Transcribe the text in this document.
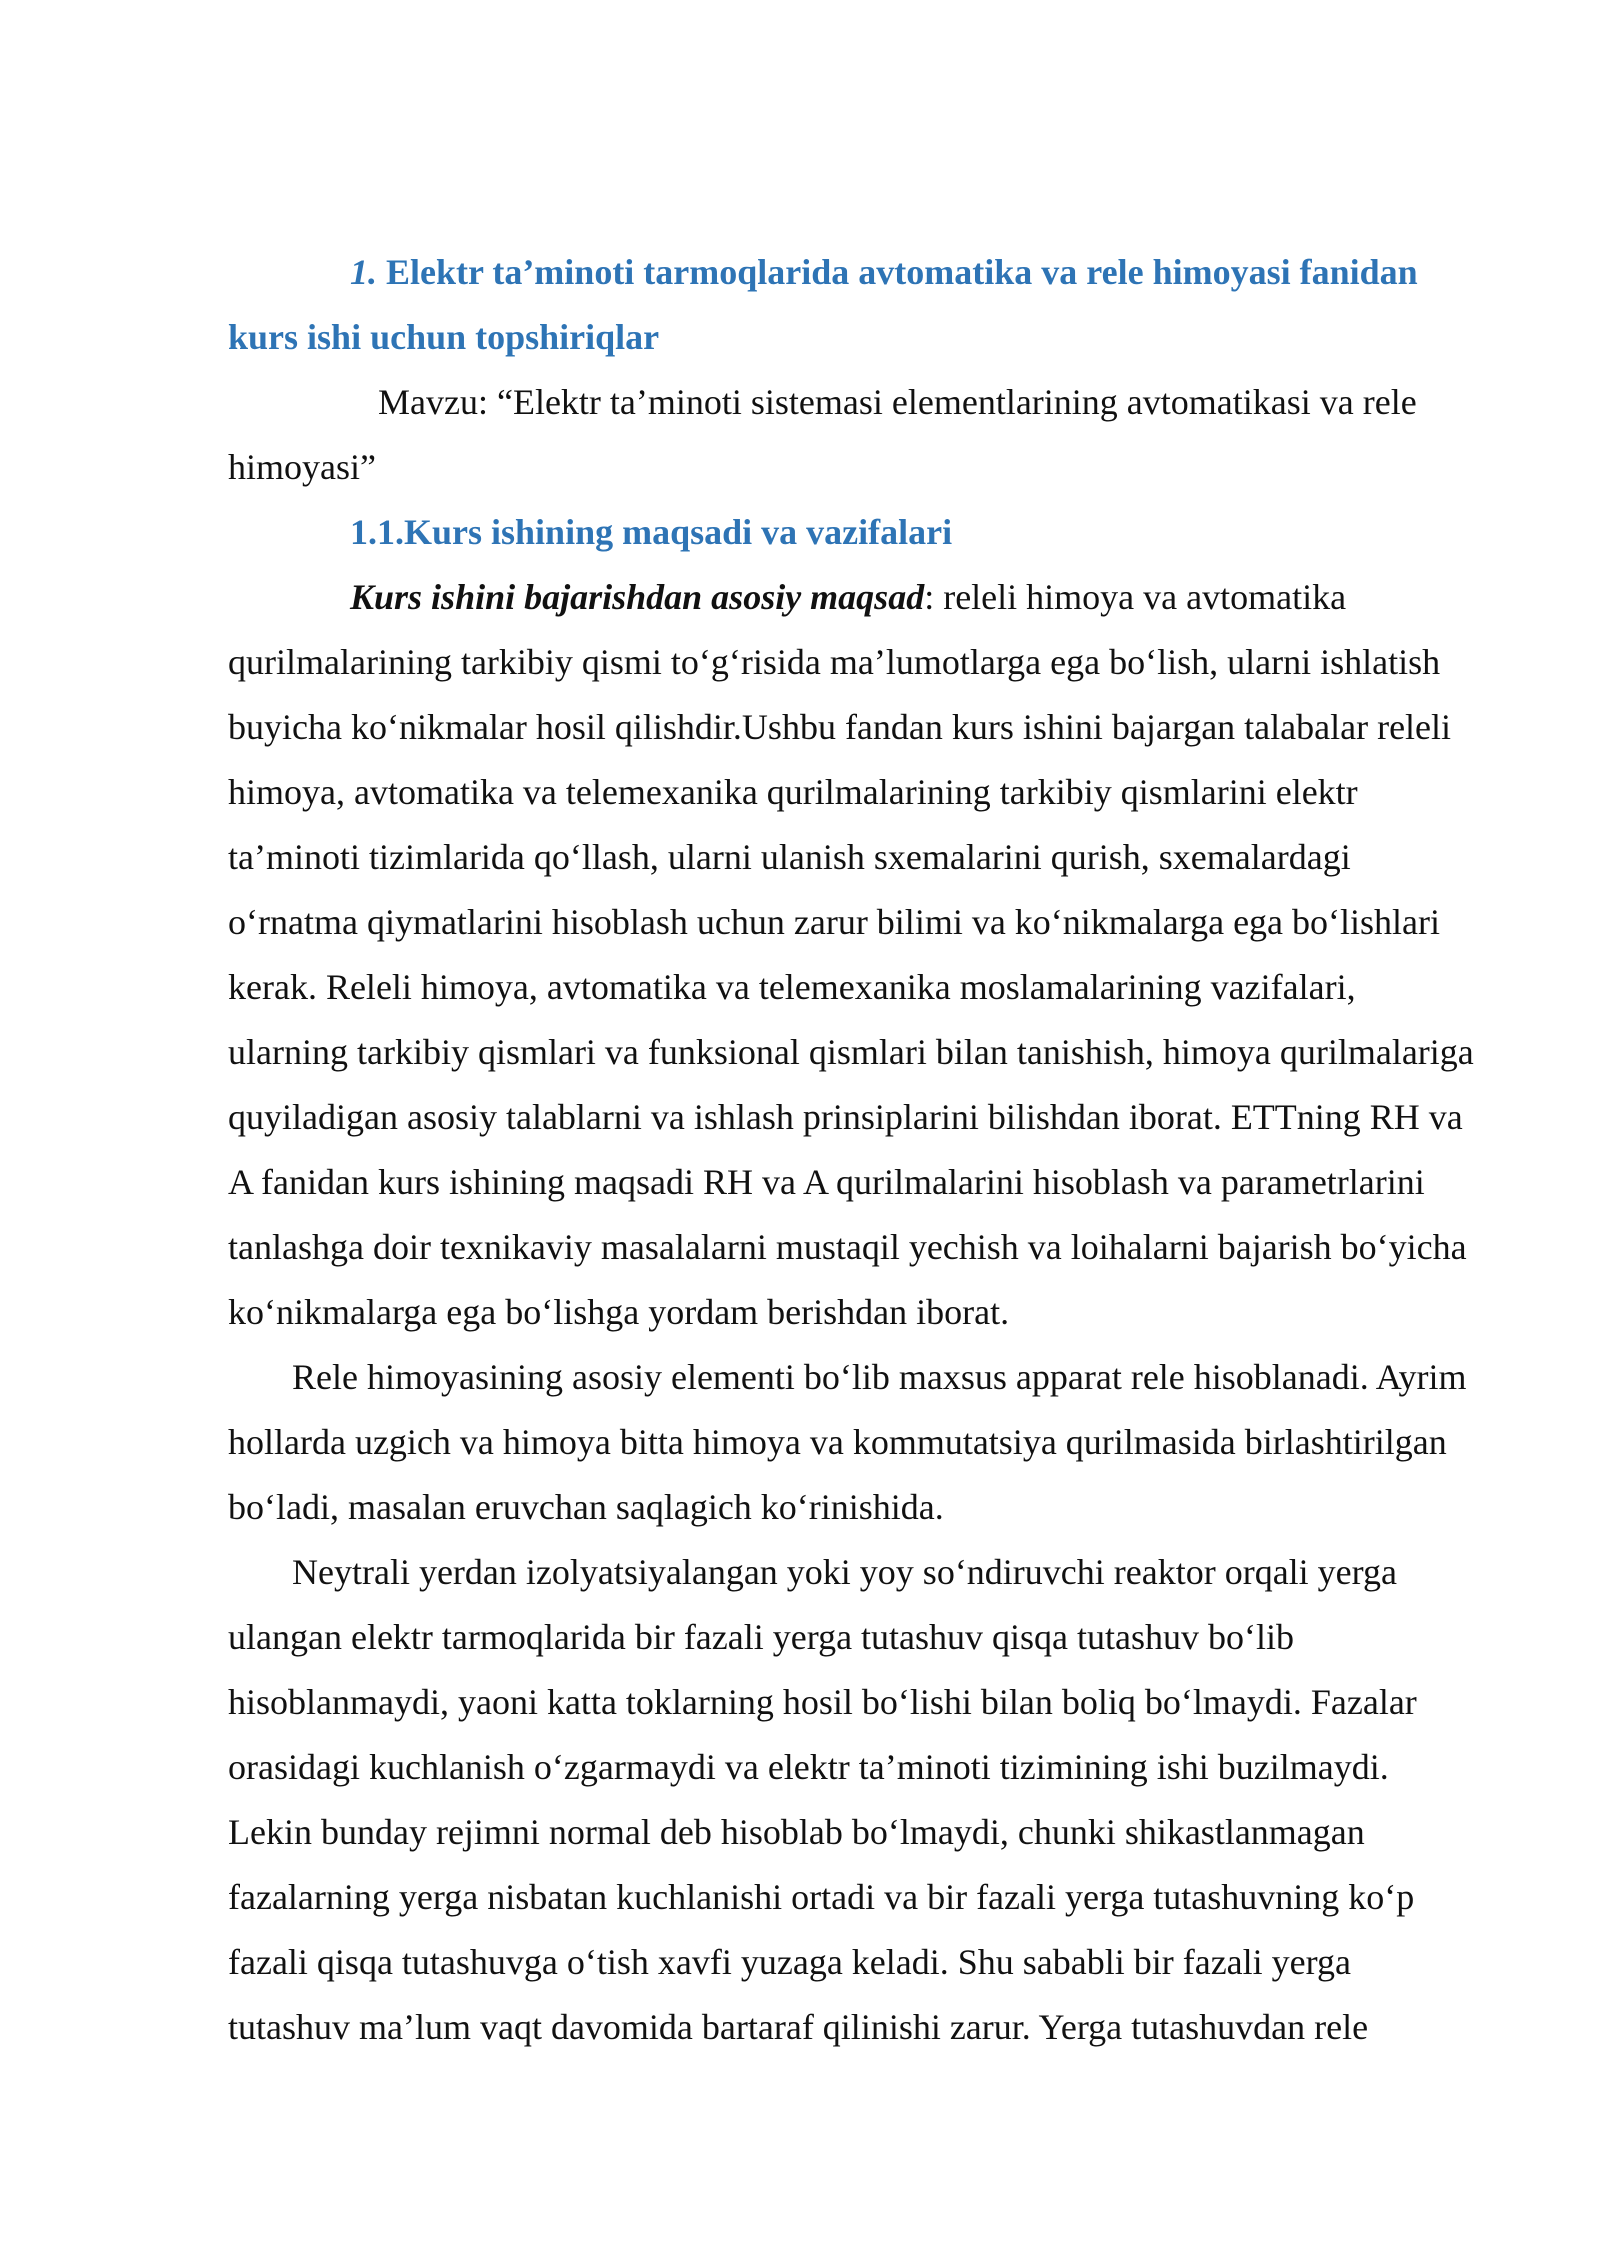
1. Elektr ta’minoti tarmoqlarida avtomatika va rele himoyasi fanidan kurs ishi uchun topshiriqlar

Mavzu: “Elektr ta’minoti sistemasi elementlarining avtomatikasi va rele himoyasi”

1.1.Kurs ishining maqsadi va vazifalari

Kurs ishini bajarishdan asosiy maqsad: releli himoya va avtomatika qurilmalarining tarkibiy qismi to‘g‘risida ma’lumotlarga ega bo‘lish, ularni ishlatish buyicha ko‘nikmalar hosil qilishdir.Ushbu fandan kurs ishini bajargan talabalar releli himoya, avtomatika va telemexanika qurilmalarining tarkibiy qismlarini elektr ta’minoti tizimlarida qo‘llash, ularni ulanish sxemalarini qurish, sxemalardagi o‘rnatma qiymatlarini hisoblash uchun zarur bilimi va ko‘nikmalarga ega bo‘lishlari kerak. Releli himoya, avtomatika va telemexanika moslamalarining vazifalari, ularning tarkibiy qismlari va funksional qismlari bilan tanishish, himoya qurilmalariga quyiladigan asosiy talablarni va ishlash prinsiplarini bilishdan iborat. ETTning RH va A fanidan kurs ishining maqsadi RH va A qurilmalarini hisoblash va parametrlarini tanlashga doir texnikaviy masalalarni mustaqil yechish va loihalarni bajarish bo‘yicha ko‘nikmalarga ega bo‘lishga yordam berishdan iborat.

Rele himoyasining asosiy elementi bo‘lib maxsus apparat rele hisoblanadi. Ayrim hollarda uzgich va himoya bitta himoya va kommutatsiya qurilmasida birlashtirilgan bo‘ladi, masalan eruvchan saqlagich ko‘rinishida.

Neytrali yerdan izolyatsiyalangan yoki yoy so‘ndiruvchi reaktor orqali yerga ulangan elektr tarmoqlarida bir fazali yerga tutashuv qisqa tutashuv bo‘lib hisoblanmaydi, yaoni katta toklarning hosil bo‘lishi bilan boliq bo‘lmaydi. Fazalar orasidagi kuchlanish o‘zgarmaydi va elektr ta’minoti tizimining ishi buzilmaydi. Lekin bunday rejimni normal deb hisoblab bo‘lmaydi, chunki shikastlanmagan fazalarning yerga nisbatan kuchlanishi ortadi va bir fazali yerga tutashuvning ko‘p fazali qisqa tutashuvga o‘tish xavfi yuzaga keladi. Shu sababli bir fazali yerga tutashuv ma’lum vaqt davomida bartaraf qilinishi zarur. Yerga tutashuvdan rele
